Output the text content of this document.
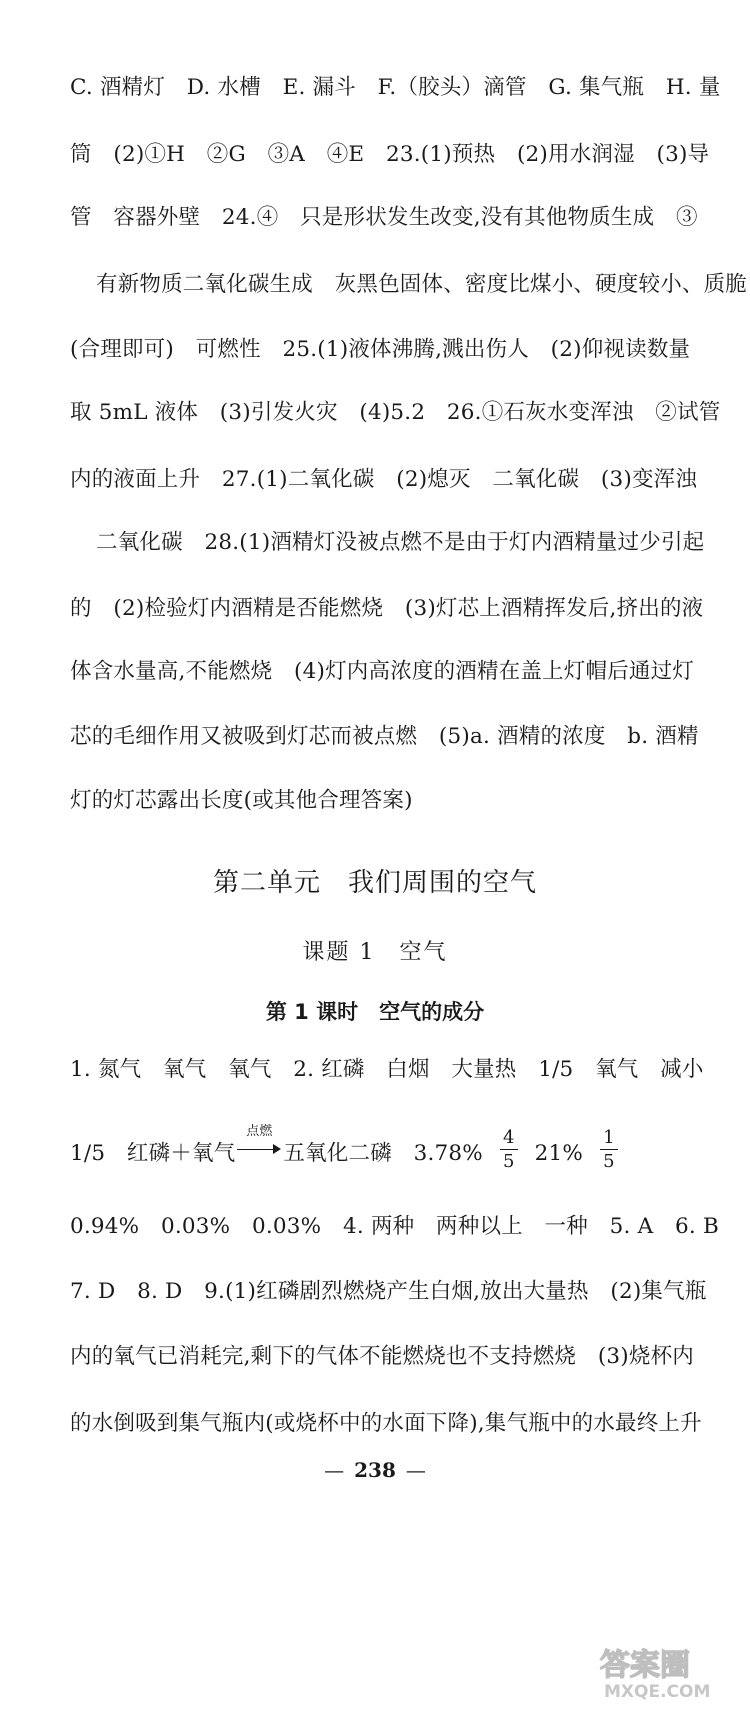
C. 酒精灯　D. 水槽　E. 漏斗　F.（胶头）滴管　G. 集气瓶　H. 量
筒　(2)①H　②G　③A　④E　23.(1)预热　(2)用水润湿　(3)导
管　容器外壁　24.④　只是形状发生改变,没有其他物质生成　③
有新物质二氧化碳生成　灰黑色固体、密度比煤小、硬度较小、质脆
(合理即可)　可燃性　25.(1)液体沸腾,溅出伤人　(2)仰视读数量
取 5mL 液体　(3)引发火灾　(4)5.2　26.①石灰水变浑浊　②试管
内的液面上升　27.(1)二氧化碳　(2)熄灭　二氧化碳　(3)变浑浊
二氧化碳　28.(1)酒精灯没被点燃不是由于灯内酒精量过少引起
的　(2)检验灯内酒精是否能燃烧　(3)灯芯上酒精挥发后,挤出的液
体含水量高,不能燃烧　(4)灯内高浓度的酒精在盖上灯帽后通过灯
芯的毛细作用又被吸到灯芯而被点燃　(5)a. 酒精的浓度　b. 酒精
灯的灯芯露出长度(或其他合理答案)
第二单元　我们周围的空气
课题 1　空气
第 1 课时　空气的成分
1. 氮气　氧气　氧气　2. 红磷　白烟　大量热　1/5　氧气　减小
1/5　红磷＋氧气
点燃
五氧化二磷　$3.78\% \frac{4}{5} 21\% \frac{1}{5}$
0.94%　0.03%　0.03%　4. 两种　两种以上　一种　5. A　6. B
7. D　8. D　9.(1)红磷剧烈燃烧产生白烟,放出大量热　(2)集气瓶
内的氧气已消耗完,剩下的气体不能燃烧也不支持燃烧　(3)烧杯内
的水倒吸到集气瓶内(或烧杯中的水面下降),集气瓶中的水最终上升
— 238 —
答案圈
MXQE.COM
